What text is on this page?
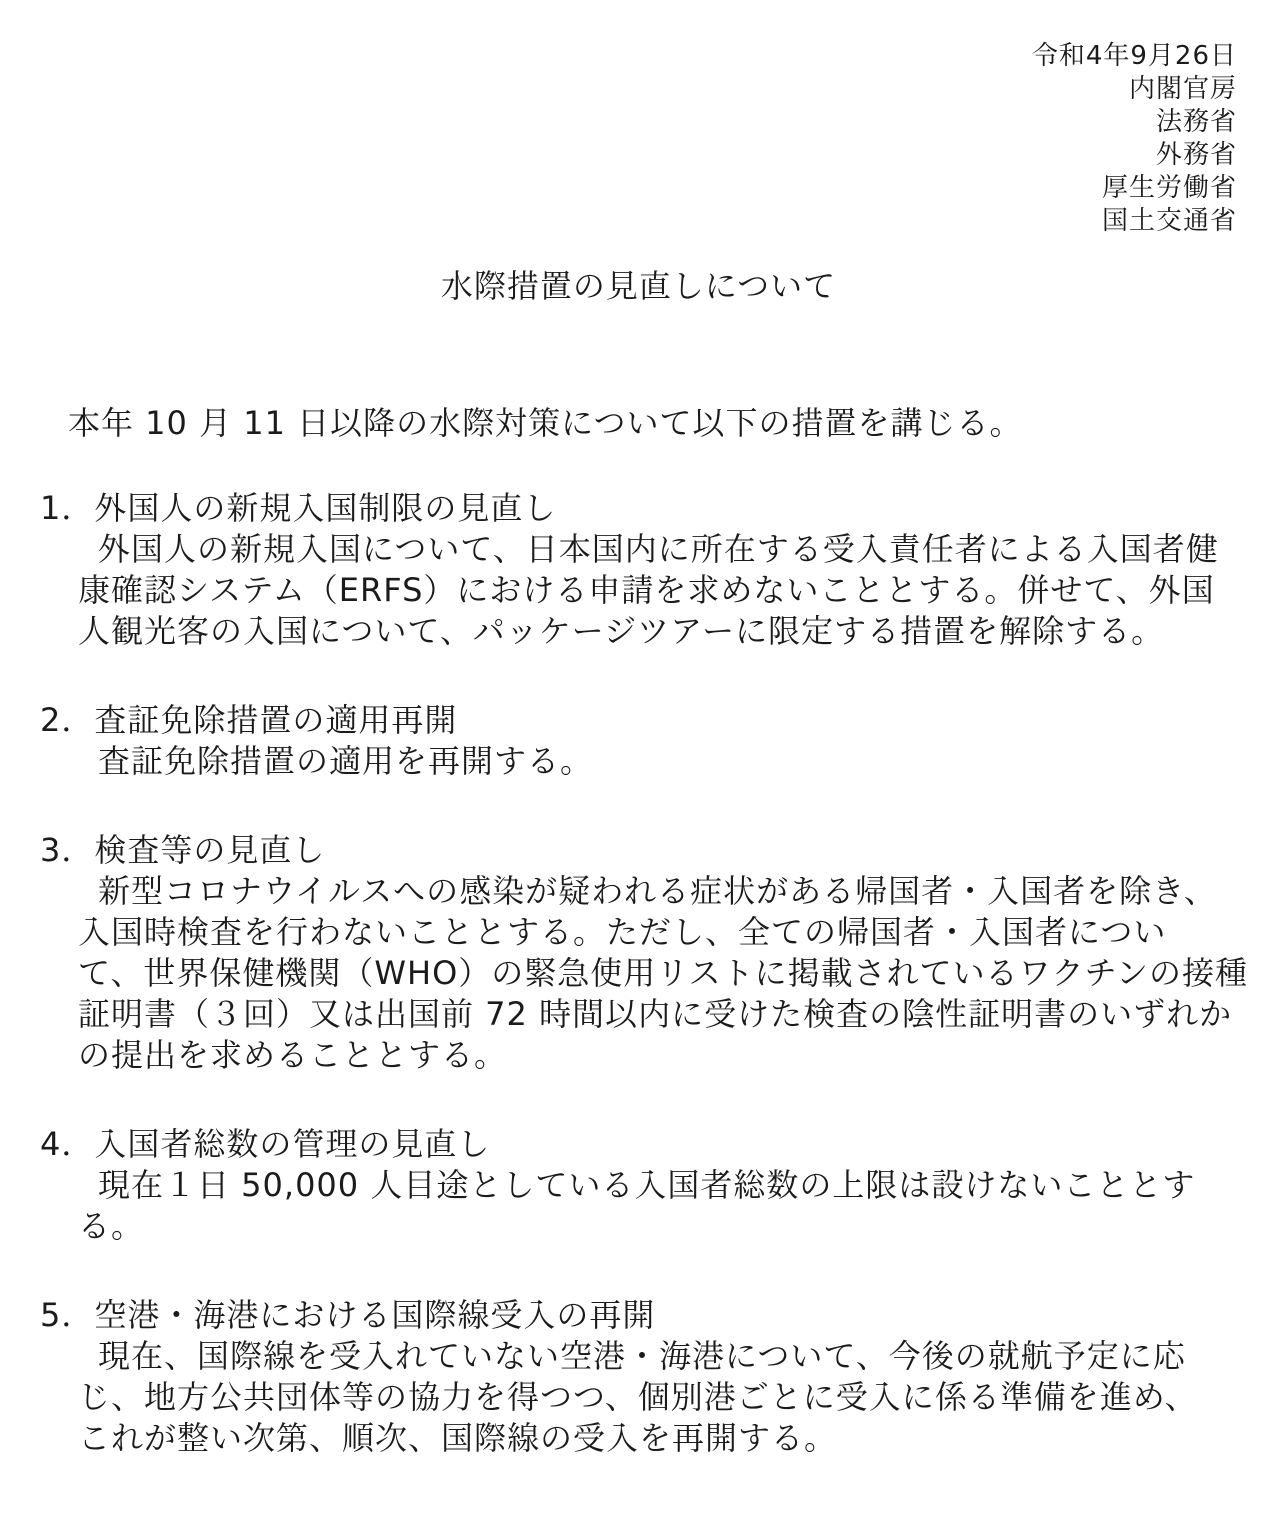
令和4年9月26日
内閣官房
法務省
外務省
厚生労働省
国土交通省
水際措置の見直しについて

本年 10 月 11 日以降の水際対策について以下の措置を講じる。

1．外国人の新規入国制限の見直し
外国人の新規入国について、日本国内に所在する受入責任者による入国者健
康確認システム（ERFS）における申請を求めないこととする。併せて、外国
人観光客の入国について、パッケージツアーに限定する措置を解除する。
2．査証免除措置の適用再開
査証免除措置の適用を再開する。
3．検査等の見直し
新型コロナウイルスへの感染が疑われる症状がある帰国者・入国者を除き、
入国時検査を行わないこととする。ただし、全ての帰国者・入国者につい
て、世界保健機関（WHO）の緊急使用リストに掲載されているワクチンの接種
証明書（３回）又は出国前 72 時間以内に受けた検査の陰性証明書のいずれか
の提出を求めることとする。
4．入国者総数の管理の見直し
現在１日 50,000 人目途としている入国者総数の上限は設けないこととす
る。
5．空港・海港における国際線受入の再開
現在、国際線を受入れていない空港・海港について、今後の就航予定に応
じ、地方公共団体等の協力を得つつ、個別港ごとに受入に係る準備を進め、
これが整い次第、順次、国際線の受入を再開する。
